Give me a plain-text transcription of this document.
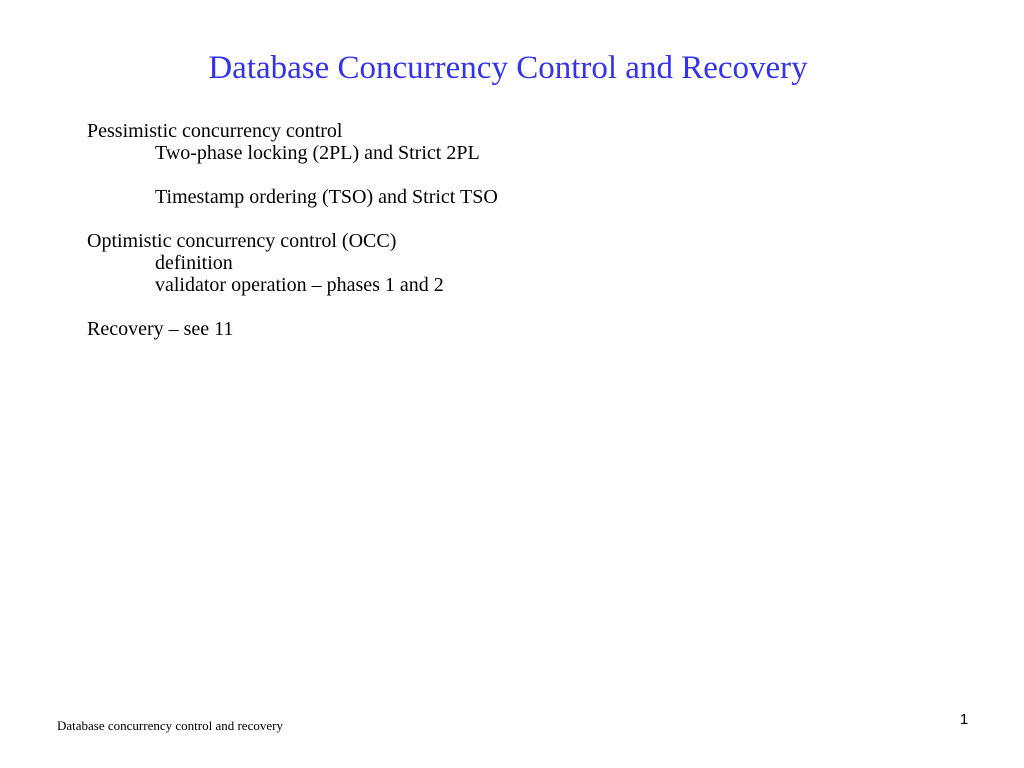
Database Concurrency Control and Recovery
Pessimistic concurrency control
Two-phase locking (2PL) and Strict 2PL
Timestamp ordering (TSO) and Strict TSO
Optimistic concurrency control (OCC)
definition
validator operation – phases 1 and 2
Recovery – see 11
Database concurrency control and recovery	1
